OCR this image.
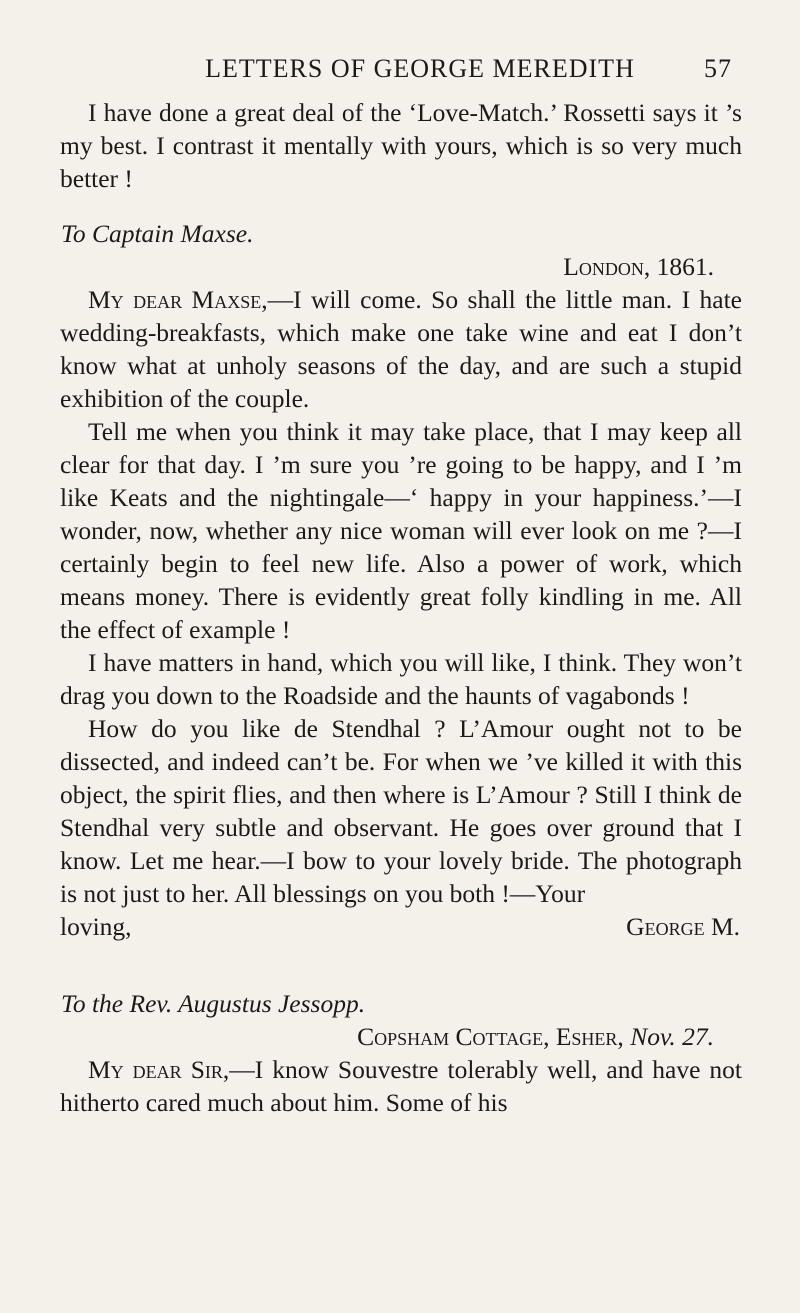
LETTERS OF GEORGE MEREDITH	57

I have done a great deal of the ‘Love-Match.’ Rossetti says it ’s my best. I contrast it mentally with yours, which is so very much better !

To Captain Maxse.

London, 1861.

My dear Maxse,—I will come. So shall the little man. I hate wedding-breakfasts, which make one take wine and eat I don’t know what at unholy seasons of the day, and are such a stupid exhibition of the couple.

Tell me when you think it may take place, that I may keep all clear for that day. I ’m sure you ’re going to be happy, and I ’m like Keats and the nightingale—‘ happy in your happiness.’—I wonder, now, whether any nice woman will ever look on me ?—I certainly begin to feel new life. Also a power of work, which means money. There is evidently great folly kindling in me. All the effect of example !

I have matters in hand, which you will like, I think. They won’t drag you down to the Roadside and the haunts of vagabonds !

How do you like de Stendhal ? L’Amour ought not to be dissected, and indeed can’t be. For when we ’ve killed it with this object, the spirit flies, and then where is L’Amour ? Still I think de Stendhal very subtle and observant. He goes over ground that I know. Let me hear.—I bow to your lovely bride. The photograph is not just to her. All blessings on you both !—Your

loving,	George M.

To the Rev. Augustus Jessopp.

Copsham Cottage, Esher, Nov. 27.

My dear Sir,—I know Souvestre tolerably well, and have not hitherto cared much about him. Some of his
